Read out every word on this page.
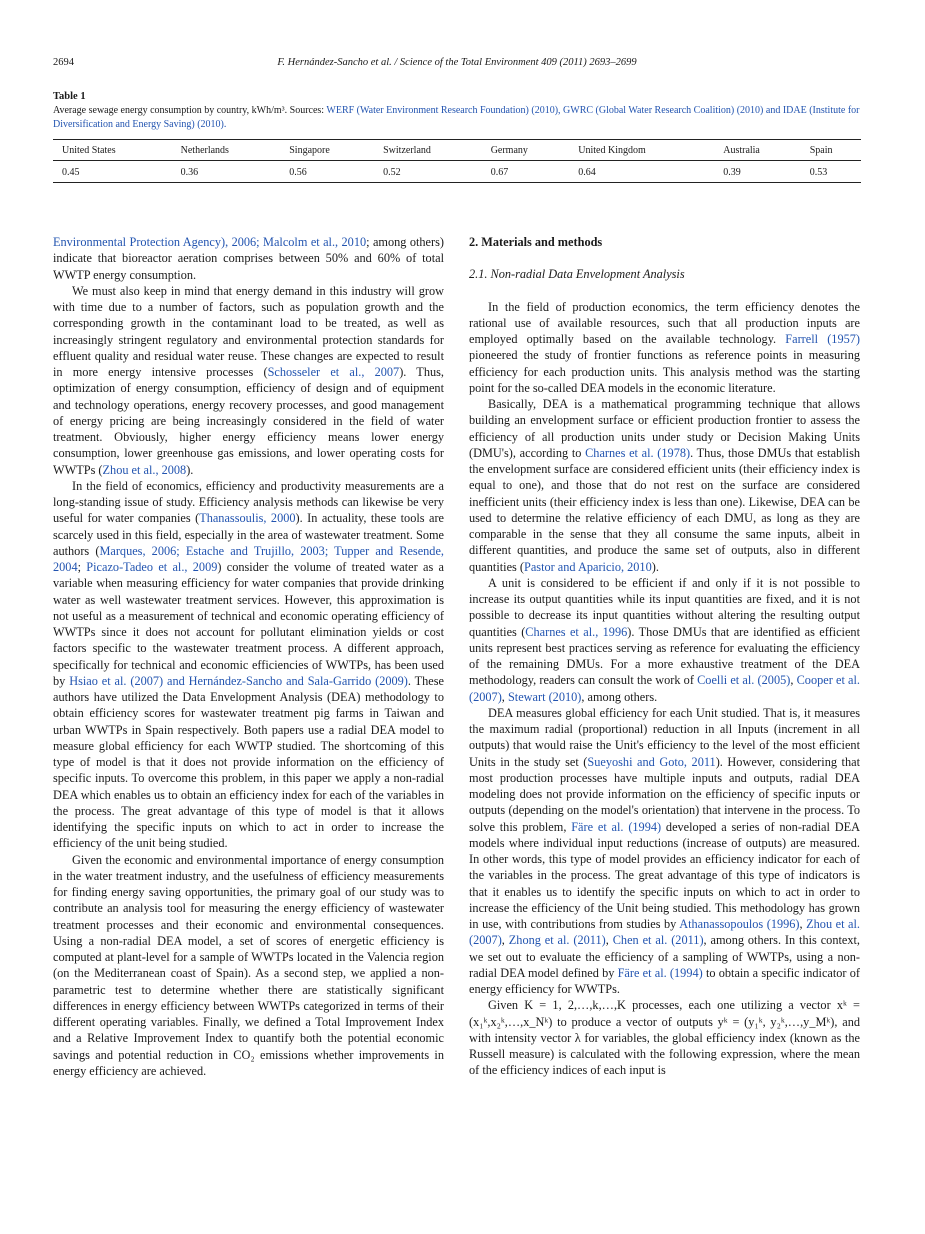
2694	F. Hernández-Sancho et al. / Science of the Total Environment 409 (2011) 2693–2699
Table 1
Average sewage energy consumption by country, kWh/m³. Sources: WERF (Water Environment Research Foundation) (2010), GWRC (Global Water Research Coalition) (2010) and IDAE (Institute for Diversification and Energy Saving) (2010).
United States	Netherlands	Singapore	Switzerland	Germany	United Kingdom	Australia	Spain
0.45	0.36	0.56	0.52	0.67	0.64	0.39	0.53

Environmental Protection Agency), 2006; Malcolm et al., 2010; among others) indicate that bioreactor aeration comprises between 50% and 60% of total WWTP energy consumption.

We must also keep in mind that energy demand in this industry will grow with time due to a number of factors, such as population growth and the corresponding growth in the contaminant load to be treated, as well as increasingly stringent regulatory and environmental protection standards for effluent quality and residual water reuse. These changes are expected to result in more energy intensive processes (Schosseler et al., 2007). Thus, optimization of energy consumption, efficiency of design and of equipment and technology operations, energy recovery processes, and good management of energy pricing are being increasingly considered in the field of water treatment. Obviously, higher energy efficiency means lower energy consumption, lower greenhouse gas emissions, and lower operating costs for WWTPs (Zhou et al., 2008).

In the field of economics, efficiency and productivity measurements are a long-standing issue of study. Efficiency analysis methods can likewise be very useful for water companies (Thanassoulis, 2000). In actuality, these tools are scarcely used in this field, especially in the area of wastewater treatment. Some authors (Marques, 2006; Estache and Trujillo, 2003; Tupper and Resende, 2004; Picazo-Tadeo et al., 2009) consider the volume of treated water as a variable when measuring efficiency for water companies that provide drinking water as well wastewater treatment services. However, this approximation is not useful as a measurement of technical and economic operating efficiency of WWTPs since it does not account for pollutant elimination yields or cost factors specific to the wastewater treatment process. A different approach, specifically for technical and economic efficiencies of WWTPs, has been used by Hsiao et al. (2007) and Hernández-Sancho and Sala-Garrido (2009). These authors have utilized the Data Envelopment Analysis (DEA) methodology to obtain efficiency scores for wastewater treatment pig farms in Taiwan and urban WWTPs in Spain respectively. Both papers use a radial DEA model to measure global efficiency for each WWTP studied. The shortcoming of this type of model is that it does not provide information on the efficiency of specific inputs. To overcome this problem, in this paper we apply a non-radial DEA which enables us to obtain an efficiency index for each of the variables in the process. The great advantage of this type of model is that it allows identifying the specific inputs on which to act in order to increase the efficiency of the unit being studied.

Given the economic and environmental importance of energy consumption in the water treatment industry, and the usefulness of efficiency measurements for finding energy saving opportunities, the primary goal of our study was to contribute an analysis tool for measuring the energy efficiency of wastewater treatment processes and their economic and environmental consequences. Using a non-radial DEA model, a set of scores of energetic efficiency is computed at plant-level for a sample of WWTPs located in the Valencia region (on the Mediterranean coast of Spain). As a second step, we applied a non-parametric test to determine whether there are statistically significant differences in energy efficiency between WWTPs categorized in terms of their different operating variables. Finally, we defined a Total Improvement Index and a Relative Improvement Index to quantify both the potential economic savings and potential reduction in CO₂ emissions whether improvements in energy efficiency are achieved.

2. Materials and methods
2.1. Non-radial Data Envelopment Analysis

In the field of production economics, the term efficiency denotes the rational use of available resources, such that all production inputs are employed optimally based on the available technology. Farrell (1957) pioneered the study of frontier functions as reference points in measuring efficiency for each production units. This analysis method was the starting point for the so-called DEA models in the economic literature.

Basically, DEA is a mathematical programming technique that allows building an envelopment surface or efficient production frontier to assess the efficiency of all production units under study or Decision Making Units (DMU's), according to Charnes et al. (1978). Thus, those DMUs that establish the envelopment surface are considered efficient units (their efficiency index is equal to one), and those that do not rest on the surface are considered inefficient units (their efficiency index is less than one). Likewise, DEA can be used to determine the relative efficiency of each DMU, as long as they are comparable in the sense that they all consume the same inputs, albeit in different quantities, and produce the same set of outputs, also in different quantities (Pastor and Aparicio, 2010).

A unit is considered to be efficient if and only if it is not possible to increase its output quantities while its input quantities are fixed, and it is not possible to decrease its input quantities without altering the resulting output quantities (Charnes et al., 1996). Those DMUs that are identified as efficient units represent best practices serving as reference for evaluating the efficiency of the remaining DMUs. For a more exhaustive treatment of the DEA methodology, readers can consult the work of Coelli et al. (2005), Cooper et al. (2007), Stewart (2010), among others.

DEA measures global efficiency for each Unit studied. That is, it measures the maximum radial (proportional) reduction in all Inputs (increment in all outputs) that would raise the Unit's efficiency to the level of the most efficient Units in the study set (Sueyoshi and Goto, 2011). However, considering that most production processes have multiple inputs and outputs, radial DEA modeling does not provide information on the efficiency of specific inputs or outputs (depending on the model's orientation) that intervene in the process. To solve this problem, Färe et al. (1994) developed a series of non-radial DEA models where individual input reductions (increase of outputs) are measured. In other words, this type of model provides an efficiency indicator for each of the variables in the process. The great advantage of this type of indicators is that it enables us to identify the specific inputs on which to act in order to increase the efficiency of the Unit being studied. This methodology has grown in use, with contributions from studies by Athanassopoulos (1996), Zhou et al. (2007), Zhong et al. (2011), Chen et al. (2011), among others. In this context, we set out to evaluate the efficiency of a sampling of WWTPs, using a non-radial DEA model defined by Färe et al. (1994) to obtain a specific indicator of energy efficiency for WWTPs.

Given K = 1, 2,…,k,…,K processes, each one utilizing a vector xᵏ = (x₁ᵏ,x₂ᵏ,…,x_Nᵏ) to produce a vector of outputs yᵏ = (y₁ᵏ, y₂ᵏ,…,y_Mᵏ), and with intensity vector λ for variables, the global efficiency index (known as the Russell measure) is calculated with the following expression, where the mean of the efficiency indices of each input is
